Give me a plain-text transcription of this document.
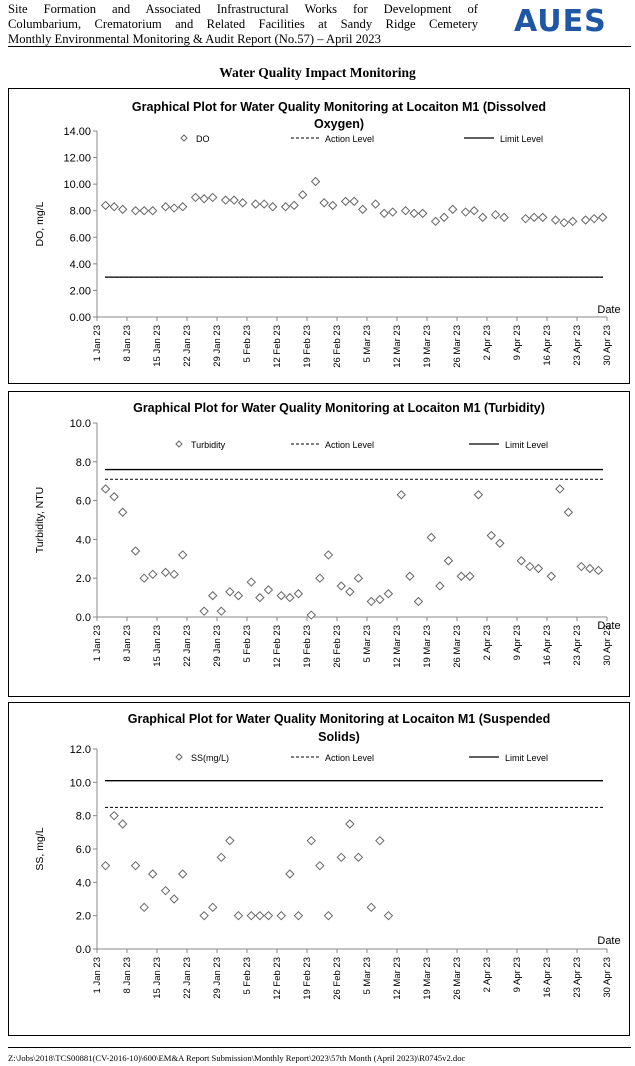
Site Formation and Associated Infrastructural Works for Development of
Columbarium, Crematorium and Related Facilities at Sandy Ridge Cemetery
Monthly Environmental Monitoring & Audit Report (No.57) – April 2023	AUES
Water Quality Impact Monitoring
Graphical Plot for Water Quality Monitoring at Locaiton M1 (Dissolved
Oxygen)
0.00
2.00
4.00
6.00
8.00
10.00
12.00
14.00
DO, mg/L
1 Jan 23 8 Jan 23 15 Jan 23 22 Jan 23 29 Jan 23 5 Feb 23 12 Feb 23 19 Feb 23 26 Feb 23 5 Mar 23 12 Mar 23 19 Mar 23 26 Mar 23 2 Apr 23 9 Apr 23 16 Apr 23 23 Apr 23 30 Apr 23
Date
DO	Action Level	Limit Level
Graphical Plot for Water Quality Monitoring at Locaiton M1 (Turbidity)
0.0
2.0
4.0
6.0
8.0
10.0
Turbidity, NTU
1 Jan 23 8 Jan 23 15 Jan 23 22 Jan 23 29 Jan 23 5 Feb 23 12 Feb 23 19 Feb 23 26 Feb 23 5 Mar 23 12 Mar 23 19 Mar 23 26 Mar 23 2 Apr 23 9 Apr 23 16 Apr 23 23 Apr 23 30 Apr 23
Date
Turbidity	Action Level	Limit Level
Graphical Plot for Water Quality Monitoring at Locaiton M1 (Suspended
Solids)
0.0
2.0
4.0
6.0
8.0
10.0
12.0
SS, mg/L
1 Jan 23 8 Jan 23 15 Jan 23 22 Jan 23 29 Jan 23 5 Feb 23 12 Feb 23 19 Feb 23 26 Feb 23 5 Mar 23 12 Mar 23 19 Mar 23 26 Mar 23 2 Apr 23 9 Apr 23 16 Apr 23 23 Apr 23 30 Apr 23
Date
SS(mg/L)	Action Level	Limit Level
Z:\Jobs\2018\TCS00881(CV-2016-10)\600\EM&A Report Submission\Monthly Report\2023\57th Month (April 2023)\R0745v2.doc
